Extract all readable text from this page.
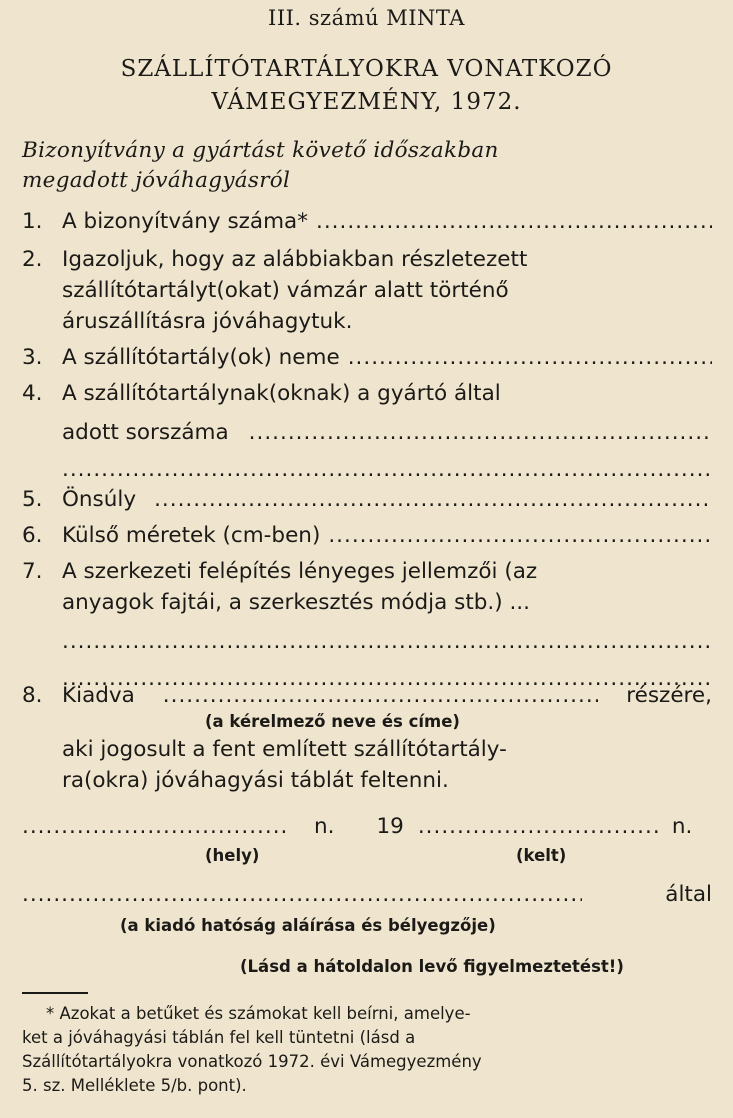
III. számú MINTA
SZÁLLÍTÓTARTÁLYOKRA VONATKOZÓ
VÁMEGYEZMÉNY, 1972.
Bizonyítvány a gyártást követő időszakban
megadott jóváhagyásról
1. A bizonyítvány száma*
.....
2. Igazoljuk, hogy az alábbiakban részletezett
szállítótartályt(okat) vámzár alatt történő
áruszállításra jóváhagytuk.
3. A szállítótartály(ok) neme
.....
4. A szállítótartálynak(oknak) a gyártó által
adott sorszáma
.....
.....
5. Önsúly
.....
6. Külső méretek (cm-ben)
.....
7. A szerkezeti felépítés lényeges jellemzői (az
anyagok fajtái, a szerkesztés módja stb.) ...
.....
.....
8. Kiadva .....	részére,
(a kérelmező neve és címe)
aki jogosult a fent említett szállítótartály-
ra(okra) jóváhagyási táblát feltenni.
.....
n. 19 .....	n.
(hely)	(kelt)
.....
által
(a kiadó hatóság aláírása és bélyegzője)
(Lásd a hátoldalon levő figyelmeztetést!)
* Azokat a betűket és számokat kell beírni, amelye-
ket a jóváhagyási táblán fel kell tüntetni (lásd a
Szállítótartályokra vonatkozó 1972. évi Vámegyezmény
5. sz. Melléklete 5/b. pont).
